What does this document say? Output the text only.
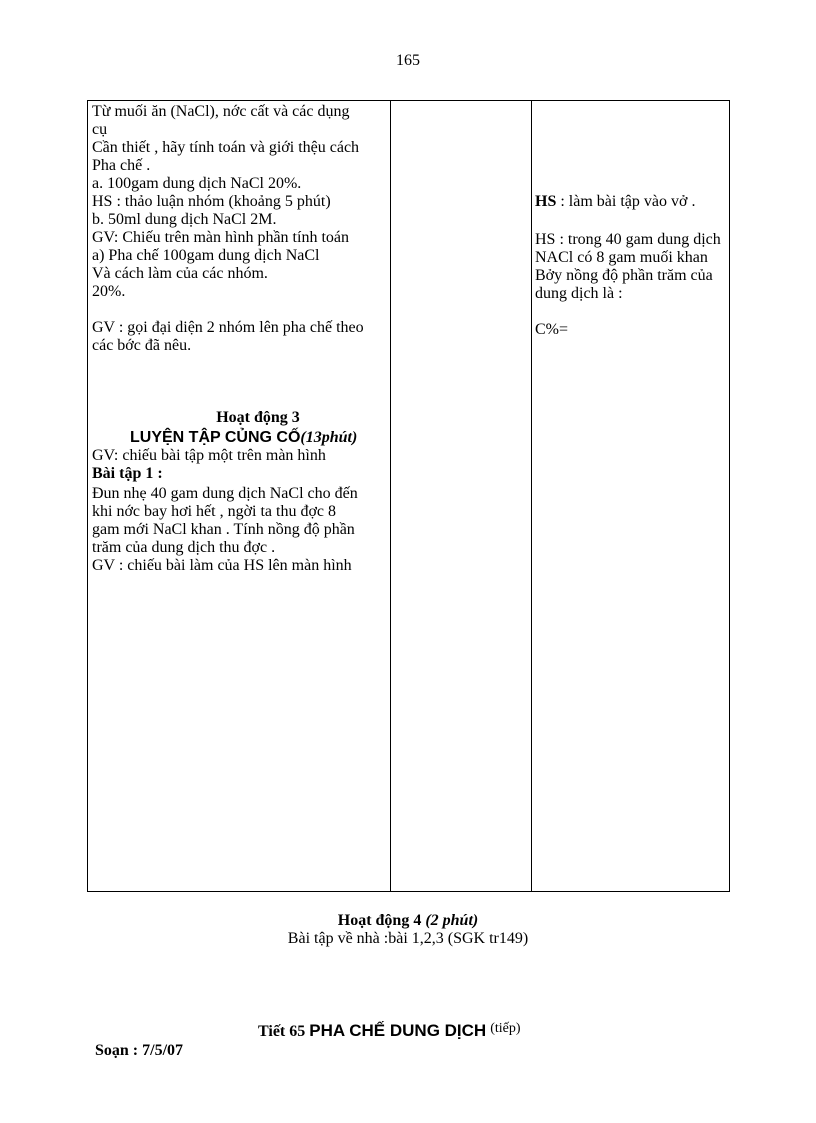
165
Từ muối ăn (NaCl), nớc cất và các dụng
cụ
Cần thiết , hãy tính toán và giới thệu cách
Pha chế .
a. 100gam dung dịch NaCl 20%.
HS : thảo luận nhóm (khoảng 5 phút)
b. 50ml dung dịch NaCl 2M.
GV: Chiếu trên màn hình phần tính toán
a) Pha chế 100gam dung dịch NaCl
Và cách làm của các nhóm.
20%.
GV : gọi đại diện 2 nhóm lên pha chế theo
các bớc đã nêu.
Hoạt động 3
LUYỆN TẬP CỦNG CỐ(13phút)
GV: chiếu bài tập một trên màn hình
Bài tập 1 :
Đun nhẹ 40 gam dung dịch NaCl cho đến
khi nớc bay hơi hết , ngời ta thu đợc 8
gam mới NaCl khan . Tính nồng độ phần
trăm của dung dịch thu đợc .
GV : chiếu bài làm của HS lên màn hình
HS : làm bài tập vào vở .
HS : trong 40 gam dung dịch
NACl có 8 gam muối khan
Bởy nồng độ phần trăm của
dung dịch là :
C%=
Hoạt động 4 (2 phút)
Bài tập về nhà :bài 1,2,3 (SGK tr149)
Tiết 65 PHA CHẾ DUNG DỊCH (tiếp)
Soạn : 7/5/07
